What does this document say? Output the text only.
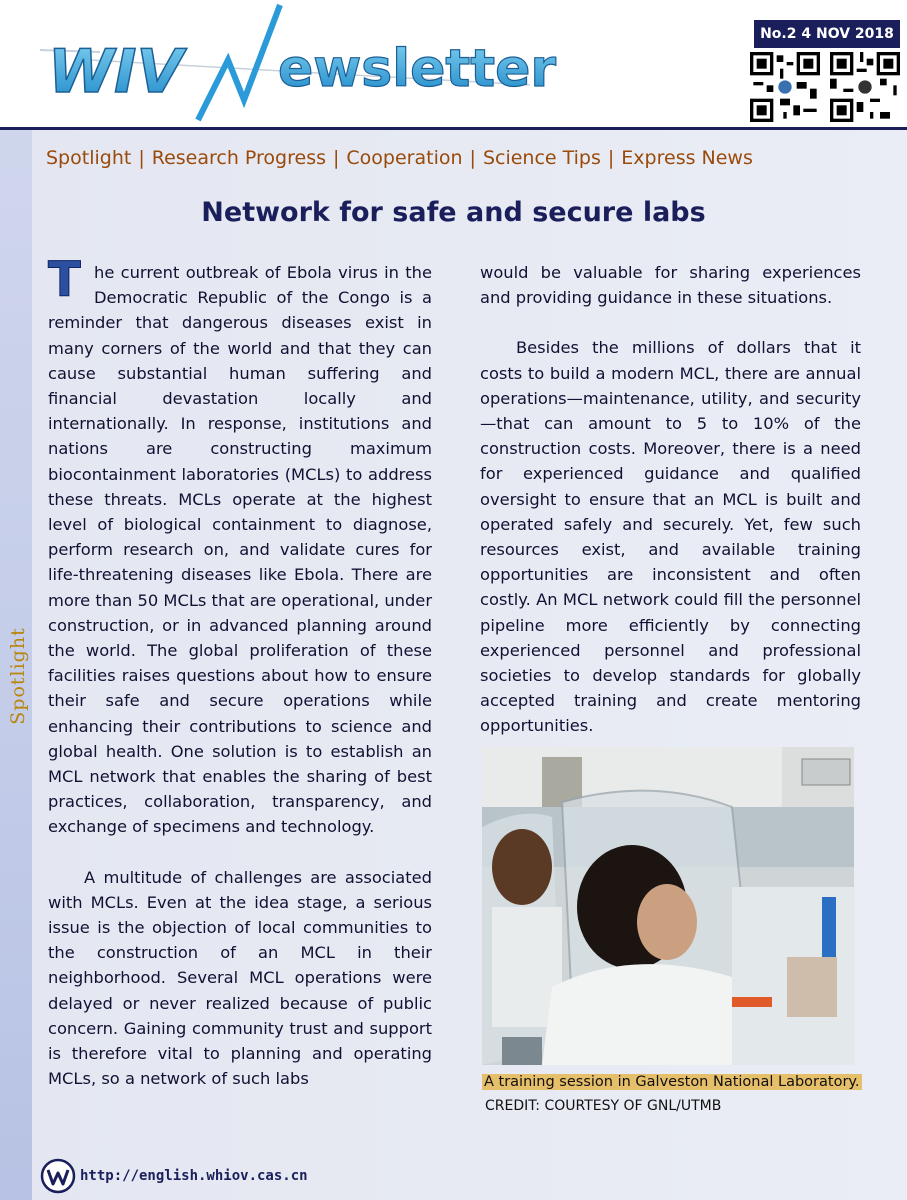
WIV ewsletter
No.2 4 NOV 2018
Spotlight
Spotlight | Research Progress | Cooperation | Science Tips | Express News
Network for safe and secure labs

The current outbreak of Ebola virus in the Democratic Republic of the Congo is a reminder that dangerous diseases exist in many corners of the world and that they can cause substantial human suffering and financial devastation locally and internationally. In response, institutions and nations are constructing maximum biocontainment laboratories (MCLs) to address these threats. MCLs operate at the highest level of biological containment to diagnose, perform research on, and validate cures for life-threatening diseases like Ebola. There are more than 50 MCLs that are operational, under construction, or in advanced planning around the world. The global proliferation of these facilities raises questions about how to ensure their safe and secure operations while enhancing their contributions to science and global health. One solution is to establish an MCL network that enables the sharing of best practices, collaboration, transparency, and exchange of specimens and technology.

A multitude of challenges are associated with MCLs. Even at the idea stage, a serious issue is the objection of local communities to the construction of an MCL in their neighborhood. Several MCL operations were delayed or never realized because of public concern. Gaining community trust and support is therefore vital to planning and operating MCLs, so a network of such labs

would be valuable for sharing experiences and providing guidance in these situations.

Besides the millions of dollars that it costs to build a modern MCL, there are annual operations—maintenance, utility, and security—that can amount to 5 to 10% of the construction costs. Moreover, there is a need for experienced guidance and qualified oversight to ensure that an MCL is built and operated safely and securely. Yet, few such resources exist, and available training opportunities are inconsistent and often costly. An MCL network could fill the personnel pipeline more efficiently by connecting experienced personnel and professional societies to develop standards for globally accepted training and create mentoring opportunities.

A training session in Galveston National Laboratory.
CREDIT: COURTESY OF GNL/UTMB
http://english.whiov.cas.cn
